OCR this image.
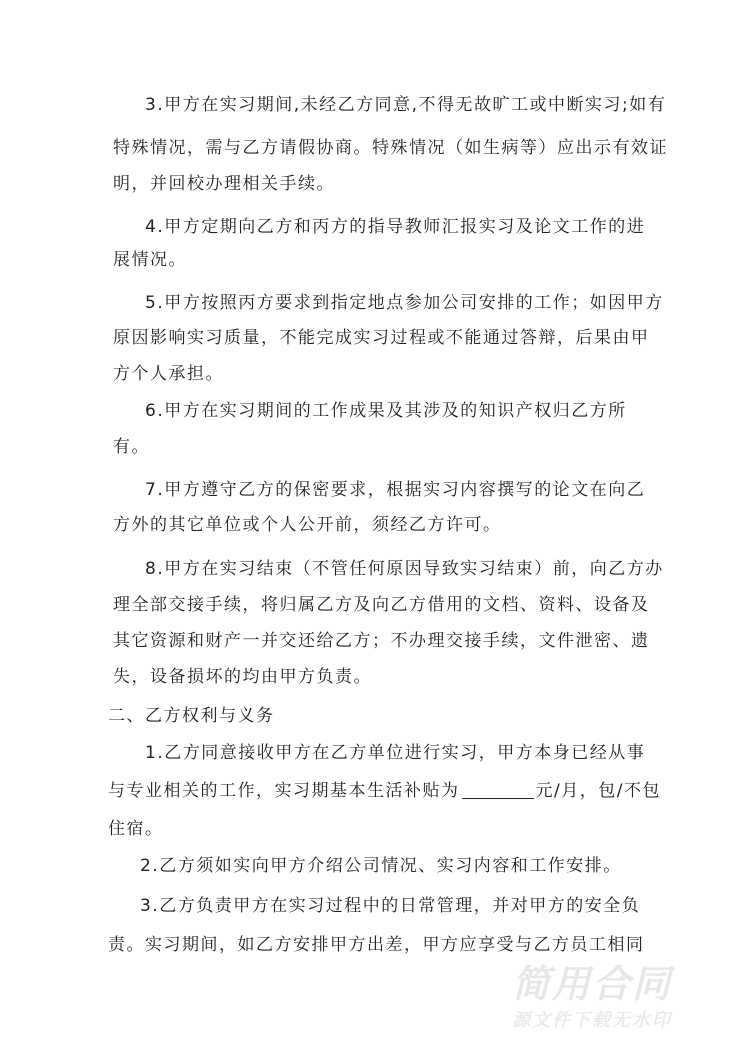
3.甲方在实习期间,未经乙方同意,不得无故旷工或中断实习;如有
特殊情况，需与乙方请假协商。特殊情况（如生病等）应出示有效证
明，并回校办理相关手续。
4.甲方定期向乙方和丙方的指导教师汇报实习及论文工作的进
展情况。
5.甲方按照丙方要求到指定地点参加公司安排的工作；如因甲方
原因影响实习质量，不能完成实习过程或不能通过答辩，后果由甲
方个人承担。
6.甲方在实习期间的工作成果及其涉及的知识产权归乙方所
有。
7.甲方遵守乙方的保密要求，根据实习内容撰写的论文在向乙
方外的其它单位或个人公开前，须经乙方许可。
8.甲方在实习结束（不管任何原因导致实习结束）前，向乙方办
理全部交接手续，将归属乙方及向乙方借用的文档、资料、设备及
其它资源和财产一并交还给乙方；不办理交接手续，文件泄密、遗
失，设备损坏的均由甲方负责。
二、乙方权利与义务
1.乙方同意接收甲方在乙方单位进行实习，甲方本身已经从事
与专业相关的工作，实习期基本生活补贴为	元/月，包/不包
住宿。
2.乙方须如实向甲方介绍公司情况、实习内容和工作安排。
3.乙方负责甲方在实习过程中的日常管理，并对甲方的安全负
责。实习期间，如乙方安排甲方出差，甲方应享受与乙方员工相同
简用合同
源文件下载无水印
